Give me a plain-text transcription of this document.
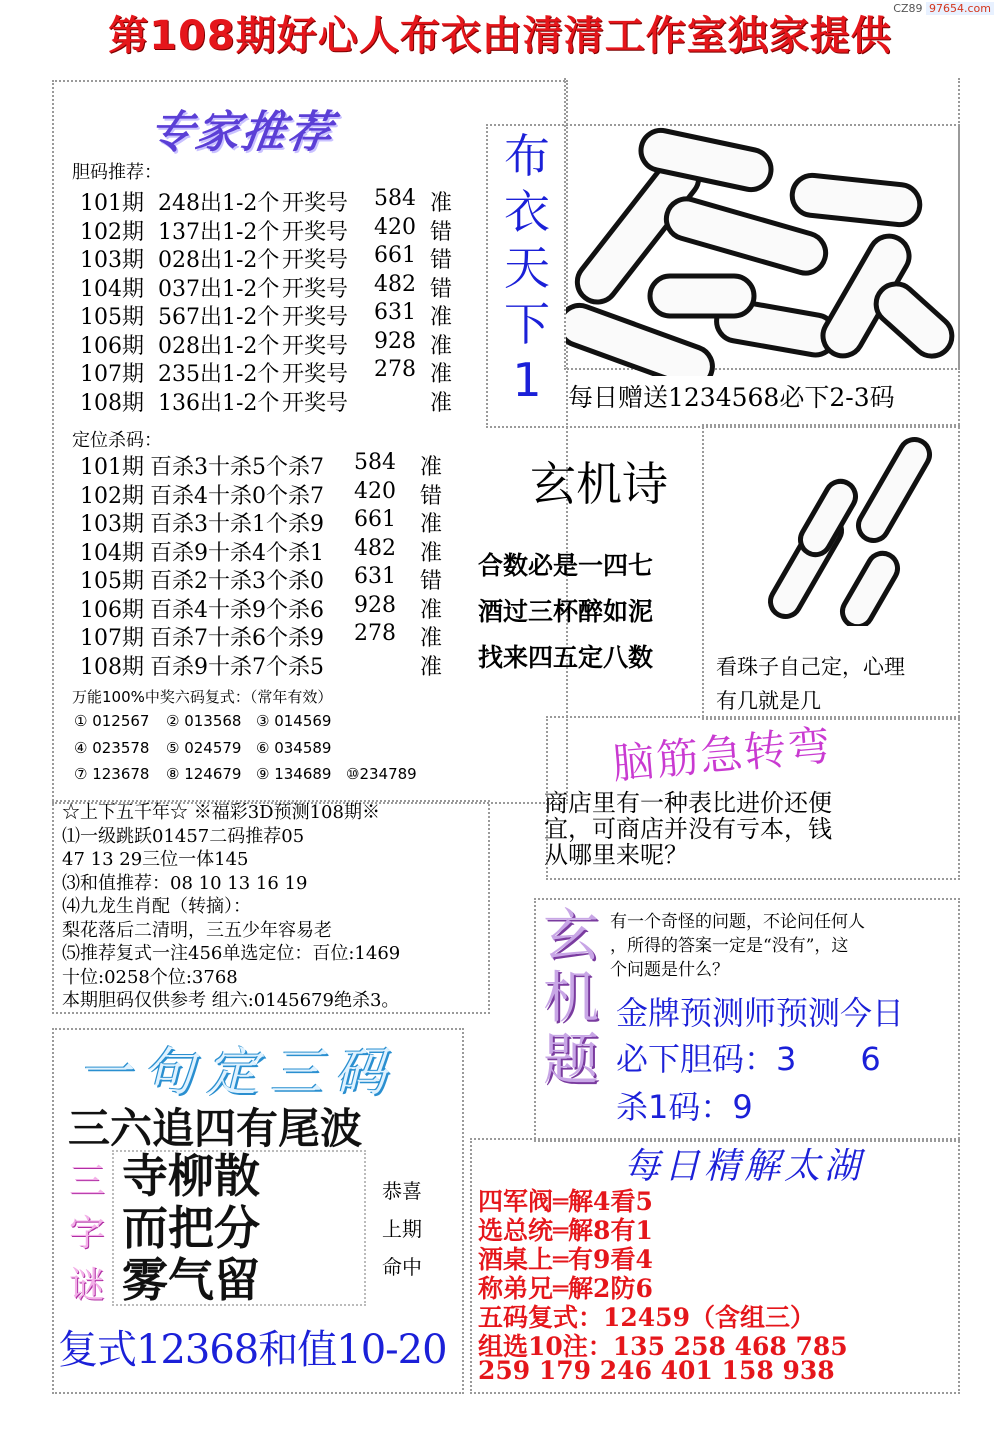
CZ89 97654.com
第108期好心人布衣由清清工作室独家提供
专家推荐
胆码推荐：
101期 248出1-2个 开奖号 584 准
102期 137出1-2个 开奖号 420 错
103期 028出1-2个 开奖号 661 错
104期 037出1-2个 开奖号 482 错
105期 567出1-2个 开奖号 631 准
106期 028出1-2个 开奖号 928 准
107期 235出1-2个 开奖号 278 准
108期 136出1-2个 开奖号	准
定位杀码：
101期 百杀3十杀5个杀7 584 准
102期 百杀4十杀0个杀7 420 错
103期 百杀3十杀1个杀9 661 准
104期 百杀9十杀4个杀1 482 准
105期 百杀2十杀3个杀0 631 错
106期 百杀4十杀9个杀6 928 准
107期 百杀7十杀6个杀9 278 准
108期 百杀9十杀7个杀5	准
万能100%中奖六码复式：（常年有效）
① 012567 ② 013568 ③ 014569
④ 023578 ⑤ 024579 ⑥ 034589
⑦ 123678 ⑧ 124679 ⑨ 134689 ⑩234789
☆上下五千年☆ ※福彩3D预测108期※
⑴一级跳跃01457二码推荐05
47 13 29三位一体145
⑶和值推荐：08 10 13 16 19
⑷九龙生肖配（转摘）：
梨花落后二清明，三五少年容易老
⑸推荐复式一注456单选定位：百位:1469
十位:0258个位:3768
本期胆码仅供参考 组六:0145679绝杀3。
布
衣
天
下
1	每日赠送1234568必下2-3码
玄机诗
合数必是一四七
酒过三杯醉如泥
找来四五定八数	看珠子自己定，心理
有几就是几
脑筋急转弯
商店里有一种表比进价还便
宜，可商店并没有亏本，钱
从哪里来呢？
玄
机
题
有一个奇怪的问题，不论问任何人
，所得的答案一定是“没有”，这
个问题是什么？
金牌预测师预测今日
必下胆码：3　　6
杀1码：9
一句定三码
三六追四有尾波
三
字
谜
寺柳散
而把分
雾气留
恭喜
上期
命中
复式12368和值10-20
每日精解太湖
四军阀═解4看5
选总统═解8有1
酒桌上═有9看4
称弟兄═解2防6
五码复式：12459（含组三）
组选10注：135 258 468 785
259 179 246 401 158 938
